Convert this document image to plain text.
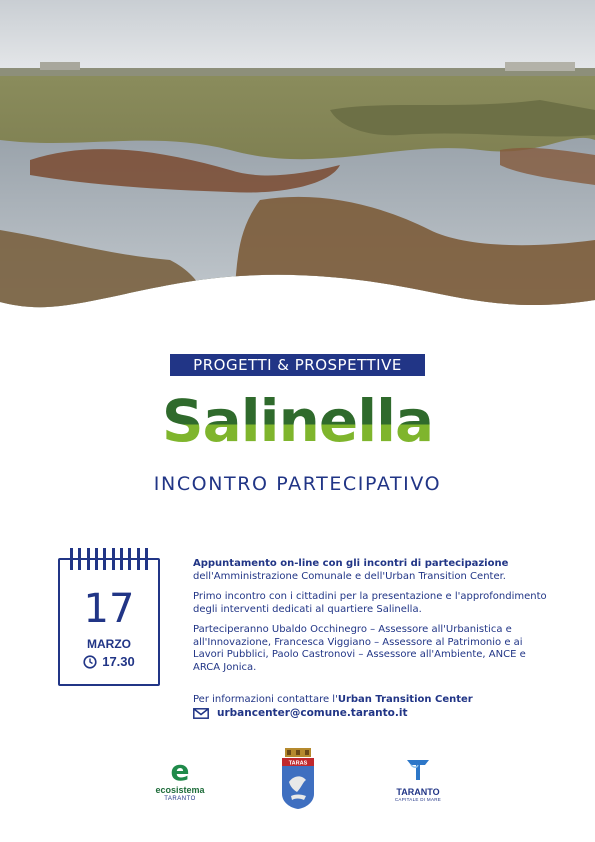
PROGETTI & PROSPETTIVE
Salinella
INCONTRO PARTECIPATIVO
17
MARZO
17.30

Appuntamento on-line con gli incontri di partecipazione
dell'Amministrazione Comunale e dell'Urban Transition Center.

Primo incontro con i cittadini per la presentazione e l'approfondimento degli interventi dedicati al quartiere Salinella.

Parteciperanno Ubaldo Occhinegro – Assessore all'Urbanistica e all'Innovazione, Francesca Viggiano – Assessore al Patrimonio e ai Lavori Pubblici, Paolo Castronovi – Assessore all'Ambiente, ANCE e ARCA Jonica.

Per informazioni contattare l'Urban Transition Center
urbancenter@comune.taranto.it
e
ecosistema
TARANTO
TARAS
TARANTO
CAPITALE DI MARE
